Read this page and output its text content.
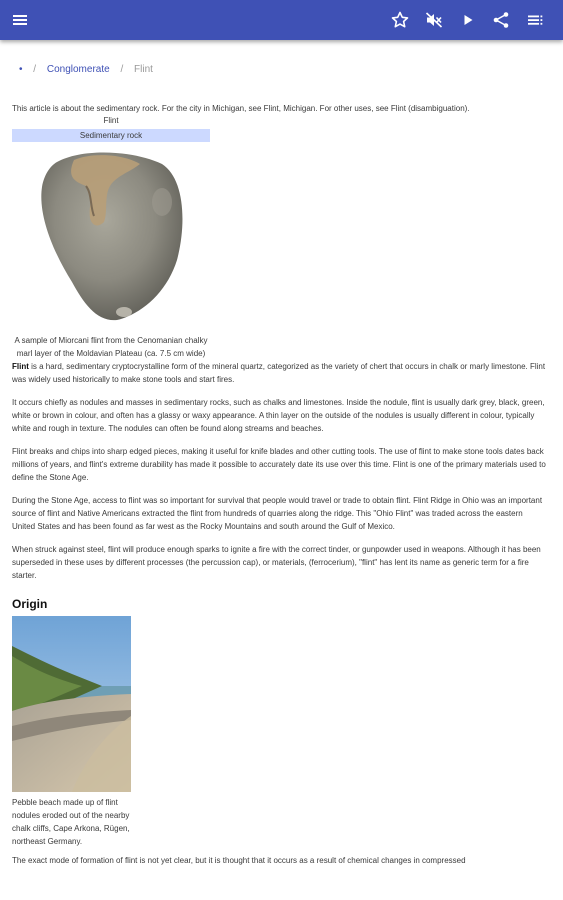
• / Conglomerate / Flint
This article is about the sedimentary rock. For the city in Michigan, see Flint, Michigan. For other uses, see Flint (disambiguation).
Flint
Sedimentary rock
A sample of Miorcani flint from the Cenomanian chalky marl layer of the Moldavian Plateau (ca. 7.5 cm wide)

Flint is a hard, sedimentary cryptocrystalline form of the mineral quartz, categorized as the variety of chert that occurs in chalk or marly limestone. Flint was widely used historically to make stone tools and start fires.

It occurs chiefly as nodules and masses in sedimentary rocks, such as chalks and limestones. Inside the nodule, flint is usually dark grey, black, green, white or brown in colour, and often has a glassy or waxy appearance. A thin layer on the outside of the nodules is usually different in colour, typically white and rough in texture. The nodules can often be found along streams and beaches.

Flint breaks and chips into sharp edged pieces, making it useful for knife blades and other cutting tools. The use of flint to make stone tools dates back millions of years, and flint's extreme durability has made it possible to accurately date its use over this time. Flint is one of the primary materials used to define the Stone Age.

During the Stone Age, access to flint was so important for survival that people would travel or trade to obtain flint. Flint Ridge in Ohio was an important source of flint and Native Americans extracted the flint from hundreds of quarries along the ridge. This "Ohio Flint" was traded across the eastern United States and has been found as far west as the Rocky Mountains and south around the Gulf of Mexico.

When struck against steel, flint will produce enough sparks to ignite a fire with the correct tinder, or gunpowder used in weapons. Although it has been superseded in these uses by different processes (the percussion cap), or materials, (ferrocerium), "flint" has lent its name as generic term for a fire starter.

Origin
Pebble beach made up of flint nodules eroded out of the nearby chalk cliffs, Cape Arkona, Rügen, northeast Germany.

The exact mode of formation of flint is not yet clear, but it is thought that it occurs as a result of chemical changes in compressed
